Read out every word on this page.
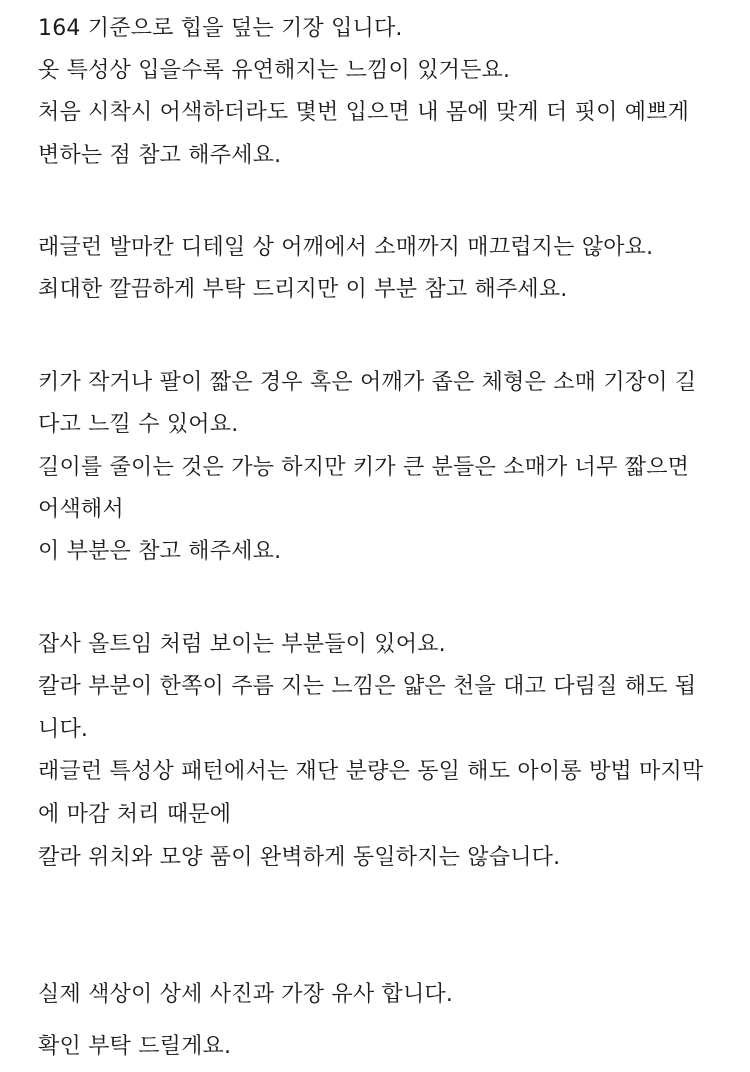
164 기준으로 힙을 덮는 기장 입니다.
옷 특성상 입을수록 유연해지는 느낌이 있거든요.
처음 시착시 어색하더라도 몇번 입으면 내 몸에 맞게 더 핏이 예쁘게
변하는 점 참고 해주세요.
래글런 발마칸 디테일 상 어깨에서 소매까지 매끄럽지는 않아요.
최대한 깔끔하게 부탁 드리지만 이 부분 참고 해주세요.
키가 작거나 팔이 짧은 경우 혹은 어깨가 좁은 체형은 소매 기장이 길
다고 느낄 수 있어요.
길이를 줄이는 것은 가능 하지만 키가 큰 분들은 소매가 너무 짧으면
어색해서
이 부분은 참고 해주세요.
잡사 올트임 처럼 보이는 부분들이 있어요.
칼라 부분이 한쪽이 주름 지는 느낌은 얇은 천을 대고 다림질 해도 됩
니다.
래글런 특성상 패턴에서는 재단 분량은 동일 해도 아이롱 방법 마지막
에 마감 처리 때문에
칼라 위치와 모양 품이 완벽하게 동일하지는 않습니다.
실제 색상이 상세 사진과 가장 유사 합니다.
확인 부탁 드릴게요.
